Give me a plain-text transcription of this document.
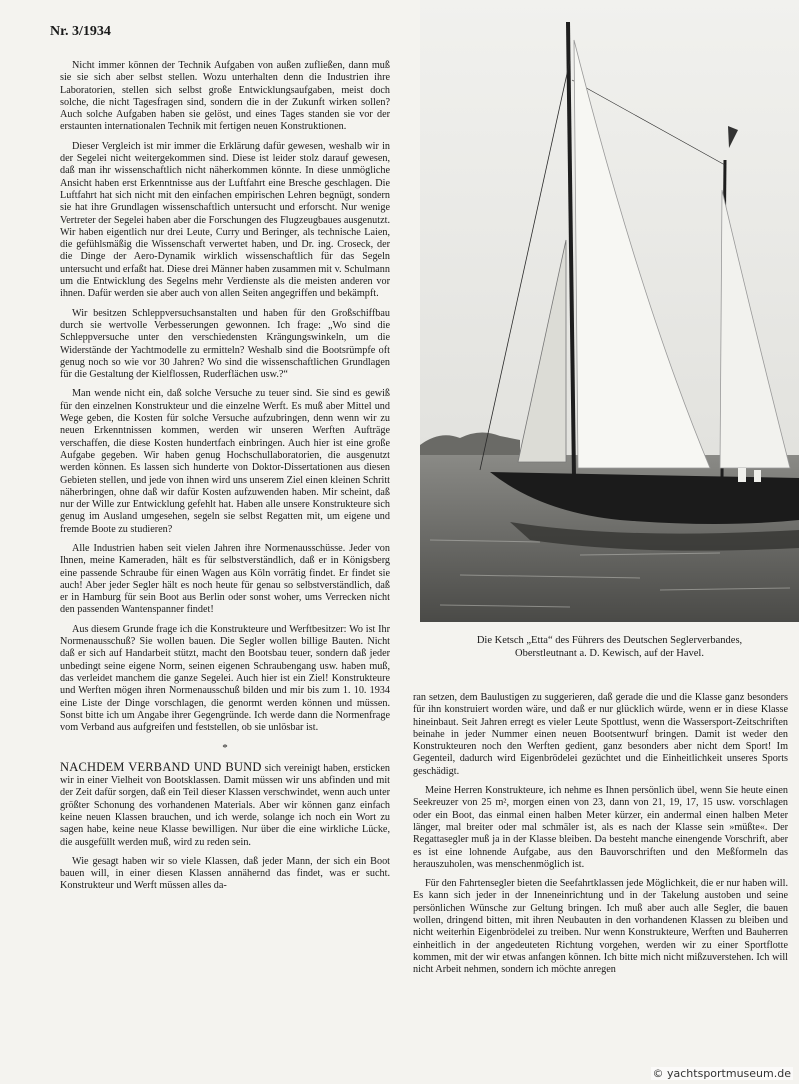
Nr. 3/1934

Nicht immer können der Technik Aufgaben von außen zufließen, dann muß sie sie sich aber selbst stellen. Wozu unterhalten denn die Industrien ihre Laboratorien, stellen sich selbst große Entwicklungsaufgaben, meist doch solche, die nicht Tagesfragen sind, sondern die in der Zukunft wirken sollen? Auch solche Aufgaben haben sie gelöst, und eines Tages standen sie vor der erstaunten internationalen Technik mit fertigen neuen Konstruktionen.

Dieser Vergleich ist mir immer die Erklärung dafür gewesen, weshalb wir in der Segelei nicht weitergekommen sind. Diese ist leider stolz darauf gewesen, daß man ihr wissenschaftlich nicht näherkommen könnte. In diese unmögliche Ansicht haben erst Erkenntnisse aus der Luftfahrt eine Bresche geschlagen. Die Luftfahrt hat sich nicht mit den einfachen empirischen Lehren begnügt, sondern sie hat ihre Grundlagen wissenschaftlich untersucht und erforscht. Nur wenige Vertreter der Segelei haben aber die Forschungen des Flugzeugbaues ausgenutzt. Wir haben eigentlich nur drei Leute, Curry und Beringer, als technische Laien, die gefühlsmäßig die Wissenschaft verwertet haben, und Dr. ing. Croseck, der die Dinge der Aero-Dynamik wirklich wissenschaftlich für das Segeln untersucht und erfaßt hat. Diese drei Männer haben zusammen mit v. Schulmann um die Entwicklung des Segelns mehr Verdienste als die meisten anderen vor ihnen. Dafür werden sie aber auch von allen Seiten angegriffen und bekämpft.

Wir besitzen Schleppversuchsanstalten und haben für den Großschiffbau durch sie wertvolle Verbesserungen gewonnen. Ich frage: „Wo sind die Schleppversuche unter den verschiedensten Krängungswinkeln, um die Widerstände der Yachtmodelle zu ermitteln? Weshalb sind die Bootsrümpfe oft genug noch so wie vor 30 Jahren? Wo sind die wissenschaftlichen Grundlagen für die Gestaltung der Kielflossen, Ruderflächen usw.?“

Man wende nicht ein, daß solche Versuche zu teuer sind. Sie sind es gewiß für den einzelnen Konstrukteur und die einzelne Werft. Es muß aber Mittel und Wege geben, die Kosten für solche Versuche aufzubringen, denn wenn wir zu neuen Erkenntnissen kommen, werden wir unseren Werften Aufträge verschaffen, die diese Kosten hundertfach einbringen. Auch hier ist eine große Aufgabe gegeben. Wir haben genug Hochschullaboratorien, die ausgenutzt werden können. Es lassen sich hunderte von Doktor-Dissertationen aus diesen Gebieten stellen, und jede von ihnen wird uns unserem Ziel einen kleinen Schritt näherbringen, ohne daß wir dafür Kosten aufzuwenden haben. Mir scheint, daß nur der Wille zur Entwicklung gefehlt hat. Haben alle unsere Konstrukteure sich genug im Ausland umgesehen, segeln sie selbst Regatten mit, um eigene und fremde Boote zu studieren?

Alle Industrien haben seit vielen Jahren ihre Normenausschüsse. Jeder von Ihnen, meine Kameraden, hält es für selbstverständlich, daß er in Königsberg eine passende Schraube für einen Wagen aus Köln vorrätig findet. Er findet sie auch! Aber jeder Segler hält es noch heute für genau so selbstverständlich, daß er in Hamburg für sein Boot aus Berlin oder sonst woher, ums Verrecken nicht den passenden Wantenspanner findet!

Aus diesem Grunde frage ich die Konstrukteure und Werftbesitzer: Wo ist Ihr Normenausschuß? Sie wollen bauen. Die Segler wollen billige Bauten. Nicht daß er sich auf Handarbeit stützt, macht den Bootsbau teuer, sondern daß jeder unbedingt seine eigene Norm, seinen eigenen Schraubengang usw. haben muß, das verleidet manchem die ganze Segelei. Auch hier ist ein Ziel! Konstrukteure und Werften mögen ihren Normenausschuß bilden und mir bis zum 1. 10. 1934 eine Liste der Dinge vorschlagen, die genormt werden können und müssen. Sonst bitte ich um Angabe ihrer Gegengründe. Ich werde dann die Normenfrage vom Verband aus aufgreifen und feststellen, ob sie unlösbar ist.

*

NACHDEM VERBAND UND BUND sich vereinigt haben, ersticken wir in einer Vielheit von Bootsklassen. Damit müssen wir uns abfinden und mit der Zeit dafür sorgen, daß ein Teil dieser Klassen verschwindet, wenn auch unter größter Schonung des vorhandenen Materials. Aber wir können ganz einfach keine neuen Klassen brauchen, und ich werde, solange ich noch ein Wort zu sagen habe, keine neue Klasse bewilligen. Nur über die eine wirkliche Lücke, die ausgefüllt werden muß, wird zu reden sein.

Wie gesagt haben wir so viele Klassen, daß jeder Mann, der sich ein Boot bauen will, in einer diesen Klassen annähernd das findet, was er sucht. Konstrukteur und Werft müssen alles da-

Die Ketsch „Etta“ des Führers des Deutschen Seglerverbandes,
Oberstleutnant a. D. Kewisch, auf der Havel.

ran setzen, dem Baulustigen zu suggerieren, daß gerade die und die Klasse ganz besonders für ihn konstruiert worden wäre, und daß er nur glücklich würde, wenn er in diese Klasse hineinbaut. Seit Jahren erregt es vieler Leute Spottlust, wenn die Wassersport-Zeitschriften beinahe in jeder Nummer einen neuen Bootsentwurf bringen. Damit ist weder den Konstrukteuren noch den Werften gedient, ganz besonders aber nicht dem Sport! Im Gegenteil, dadurch wird Eigenbrödelei gezüchtet und die Einheitlichkeit unseres Sports geschädigt.

Meine Herren Konstrukteure, ich nehme es Ihnen persönlich übel, wenn Sie heute einen Seekreuzer von 25 m², morgen einen von 23, dann von 21, 19, 17, 15 usw. vorschlagen oder ein Boot, das einmal einen halben Meter kürzer, ein andermal einen halben Meter länger, mal breiter oder mal schmäler ist, als es nach der Klasse sein »müßte«. Der Regattasegler muß ja in der Klasse bleiben. Da besteht manche einengende Vorschrift, aber es ist eine lohnende Aufgabe, aus den Bauvorschriften und den Meßformeln das herauszuholen, was menschenmöglich ist.

Für den Fahrtensegler bieten die Seefahrtklassen jede Möglichkeit, die er nur haben will. Es kann sich jeder in der Inneneinrichtung und in der Takelung austoben und seine persönlichen Wünsche zur Geltung bringen. Ich muß aber auch alle Segler, die bauen wollen, dringend bitten, mit ihren Neubauten in den vorhandenen Klassen zu bleiben und nicht weiterhin Eigenbrödelei zu treiben. Nur wenn Konstrukteure, Werften und Bauherren einheitlich in der angedeuteten Richtung vorgehen, werden wir zu einer Sportflotte kommen, mit der wir etwas anfangen können. Ich bitte mich nicht mißzuverstehen. Ich will nicht Arbeit nehmen, sondern ich möchte anregen

© yachtsportmuseum.de
